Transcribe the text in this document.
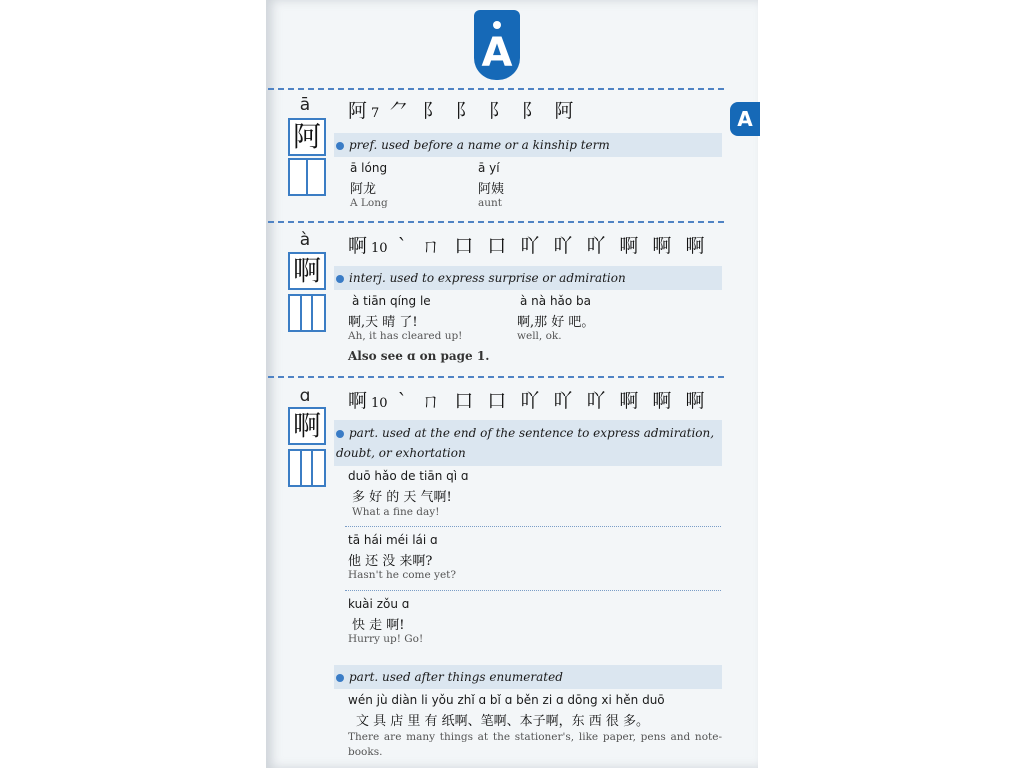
A
A
ā
阿
阿7 ⺈ 阝 阝 阝 阝 阿
pref. used before a name or a kinship term
ā lóng
阿龙
A Long
ā yí
阿姨
aunt
à
啊
啊10 ˋ ㄇ 口 口 吖 吖 吖 啊 啊 啊
interj. used to express surprise or admiration
à tiān qíng le
啊,天 晴 了!
Ah, it has cleared up!
à nà hǎo ba
啊,那 好 吧。
well, ok.
Also see ɑ on page 1.
ɑ
啊
啊10 ˋ ㄇ 口 口 吖 吖 吖 啊 啊 啊
part. used at the end of the sentence to express admiration, doubt, or exhortation
duō hǎo de tiān qì ɑ
多 好 的 天 气啊!
What a fine day!
tā hái méi lái ɑ
他 还 没 来啊?
Hasn't he come yet?
kuài zǒu ɑ
快 走 啊!
Hurry up! Go!
part. used after things enumerated
wén jù diàn li yǒu zhǐ ɑ bǐ ɑ běn zi ɑ dōng xi hěn duō
文 具 店 里 有 纸啊、笔啊、本子啊，东 西 很 多。
There are many things at the stationer's, like paper, pens and note-books.
